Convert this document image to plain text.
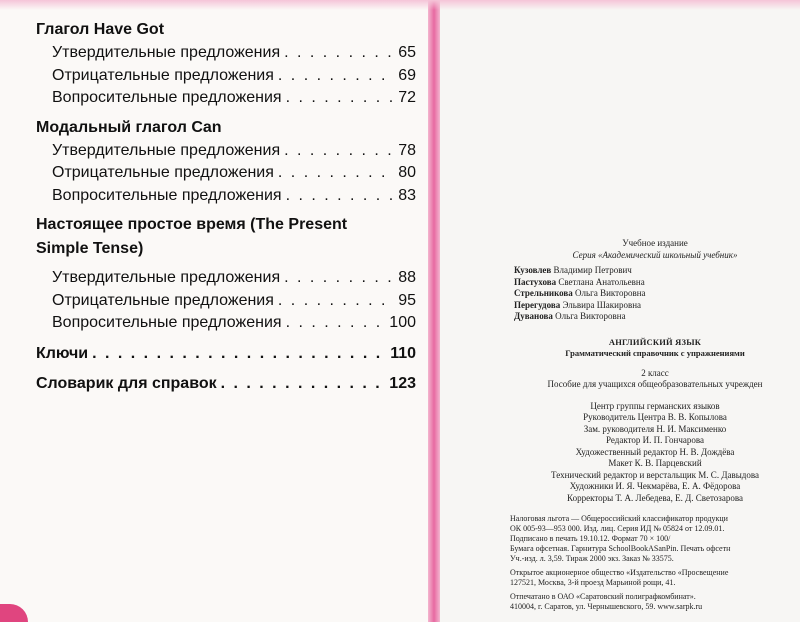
Глагол Have Got
Утвердительные предложения . . .	65
Отрицательные предложения . . .	69
Вопросительные предложения . . .	72
Модальный глагол Can
Утвердительные предложения . . .	78
Отрицательные предложения . . .	80
Вопросительные предложения . . .	83
Настоящее простое время (The Present
Simple Tense)
Утвердительные предложения . . .	88
Отрицательные предложения . . .	95
Вопросительные предложения . . .	100
Ключи . . .	110
Словарик для справок . . .	123
Учебное издание
Серия «Академический школьный учебник»
Кузовлев Владимир Петрович
Пастухова Светлана Анатольевна
Стрельникова Ольга Викторовна
Перегудова Эльвира Шакировна
Дуванова Ольга Викторовна
АНГЛИЙСКИЙ ЯЗЫК
Грамматический справочник с упражнениями
2 класс
Пособие для учащихся общеобразовательных учрежден
Центр группы германских языков
Руководитель Центра В. В. Копылова
Зам. руководителя Н. И. Максименко
Редактор И. П. Гончарова
Художественный редактор Н. В. Дождёва
Макет К. В. Парцевский
Технический редактор и верстальщик М. С. Давыдова
Художники И. Я. Чекмарёва, Е. А. Фёдорова
Корректоры Т. А. Лебедева, Е. Д. Светозарова

Налоговая льгота — Общероссийский классификатор продукци
ОК 005-93—953 000. Изд. лиц. Серия ИД № 05824 от 12.09.01.
Подписано в печать 19.10.12. Формат 70 × 100/
Бумага офсетная. Гарнитура SchoolBookASanPin. Печать офсетн
Уч.-изд. л. 3,59. Тираж 2000 экз. Заказ № 33575.

Открытое акционерное общество «Издательство «Просвещение
127521, Москва, 3-й проезд Марьиной рощи, 41.

Отпечатано в ОАО «Саратовский полиграфкомбинат».
410004, г. Саратов, ул. Чернышевского, 59. www.sarpk.ru
